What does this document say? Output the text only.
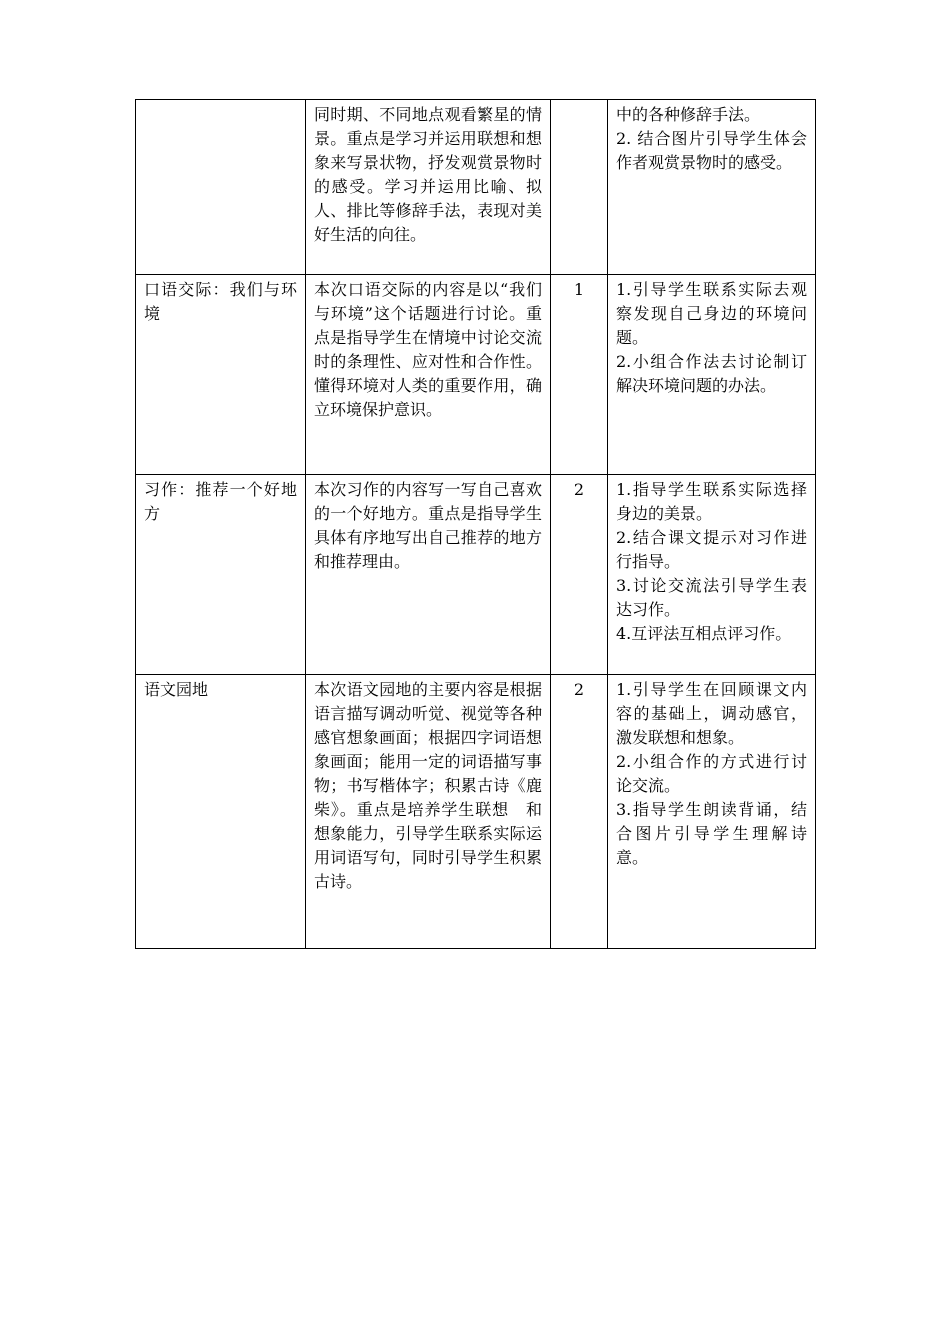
	同时期、不同地点观看繁星的情景。重点是学习并运用联想和想象来写景状物，抒发观赏景物时的感受。学习并运用比喻、拟人、排比等修辞手法，表现对美好生活的向往。		中的各种修辞手法。
2. 结合图片引导学生体会作者观赏景物时的感受。

口语交际：我们与环境	本次口语交际的内容是以“我们与环境”这个话题进行讨论。重点是指导学生在情境中讨论交流时的条理性、应对性和合作性。懂得环境对人类的重要作用，确立环境保护意识。	1	1.引导学生联系实际去观察发现自己身边的环境问题。
2.小组合作法去讨论制订解决环境问题的办法。

习作：推荐一个好地方	本次习作的内容写一写自己喜欢的一个好地方。重点是指导学生具体有序地写出自己推荐的地方和推荐理由。	2	1.指导学生联系实际选择身边的美景。
2.结合课文提示对习作进行指导。
3.讨论交流法引导学生表达习作。
4.互评法互相点评习作。

语文园地	本次语文园地的主要内容是根据语言描写调动听觉、视觉等各种感官想象画面；根据四字词语想象画面；能用一定的词语描写事物；书写楷体字；积累古诗《鹿柴》。重点是培养学生联想　和想象能力，引导学生联系实际运用词语写句，同时引导学生积累古诗。	2	1.引导学生在回顾课文内容的基础上，调动感官，激发联想和想象。
2.小组合作的方式进行讨论交流。
3.指导学生朗读背诵，结合图片引导学生理解诗意。
